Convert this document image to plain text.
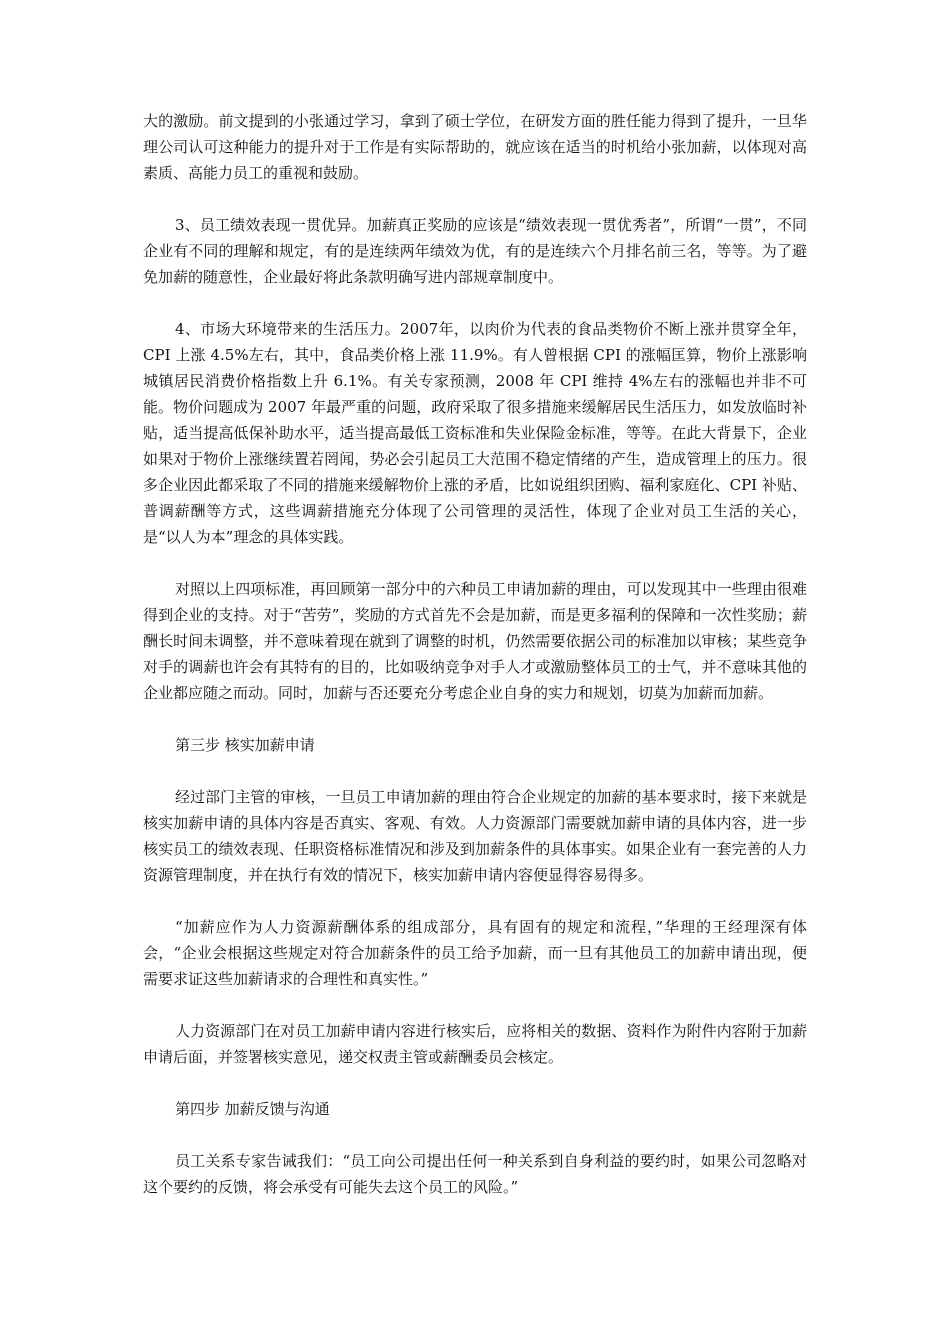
大的激励。前文提到的小张通过学习，拿到了硕士学位，在研发方面的胜任能力得到了提升，一旦华理公司认可这种能力的提升对于工作是有实际帮助的，就应该在适当的时机给小张加薪，以体现对高素质、高能力员工的重视和鼓励。

3、员工绩效表现一贯优异。加薪真正奖励的应该是“绩效表现一贯优秀者”，所谓“一贯”，不同企业有不同的理解和规定，有的是连续两年绩效为优，有的是连续六个月排名前三名，等等。为了避免加薪的随意性，企业最好将此条款明确写进内部规章制度中。

4、市场大环境带来的生活压力。2007年，以肉价为代表的食品类物价不断上涨并贯穿全年， CPI 上涨 4.5%左右，其中，食品类价格上涨 11.9%。有人曾根据 CPI 的涨幅匡算，物价上涨影响城镇居民消费价格指数上升 6.1%。有关专家预测，2008 年 CPI 维持 4%左右的涨幅也并非不可能。物价问题成为 2007 年最严重的问题，政府采取了很多措施来缓解居民生活压力，如发放临时补贴，适当提高低保补助水平，适当提高最低工资标准和失业保险金标准，等等。在此大背景下，企业如果对于物价上涨继续置若罔闻，势必会引起员工大范围不稳定情绪的产生，造成管理上的压力。很多企业因此都采取了不同的措施来缓解物价上涨的矛盾，比如说组织团购、福利家庭化、CPI 补贴、普调薪酬等方式，这些调薪措施充分体现了公司管理的灵活性，体现了企业对员工生活的关心，是“以人为本”理念的具体实践。

对照以上四项标准，再回顾第一部分中的六种员工申请加薪的理由，可以发现其中一些理由很难得到企业的支持。对于“苦劳”，奖励的方式首先不会是加薪，而是更多福利的保障和一次性奖励；薪酬长时间未调整，并不意味着现在就到了调整的时机，仍然需要依据公司的标准加以审核；某些竞争对手的调薪也许会有其特有的目的，比如吸纳竞争对手人才或激励整体员工的士气，并不意味其他的企业都应随之而动。同时，加薪与否还要充分考虑企业自身的实力和规划，切莫为加薪而加薪。

第三步 核实加薪申请

经过部门主管的审核，一旦员工申请加薪的理由符合企业规定的加薪的基本要求时，接下来就是核实加薪申请的具体内容是否真实、客观、有效。人力资源部门需要就加薪申请的具体内容，进一步核实员工的绩效表现、任职资格标准情况和涉及到加薪条件的具体事实。如果企业有一套完善的人力资源管理制度，并在执行有效的情况下，核实加薪申请内容便显得容易得多。

“加薪应作为人力资源薪酬体系的组成部分，具有固有的规定和流程，”华理的王经理深有体会，“企业会根据这些规定对符合加薪条件的员工给予加薪，而一旦有其他员工的加薪申请出现，便需要求证这些加薪请求的合理性和真实性。”

人力资源部门在对员工加薪申请内容进行核实后，应将相关的数据、资料作为附件内容附于加薪申请后面，并签署核实意见，递交权责主管或薪酬委员会核定。

第四步 加薪反馈与沟通

员工关系专家告诫我们：“员工向公司提出任何一种关系到自身利益的要约时，如果公司忽略对这个要约的反馈，将会承受有可能失去这个员工的风险。”
